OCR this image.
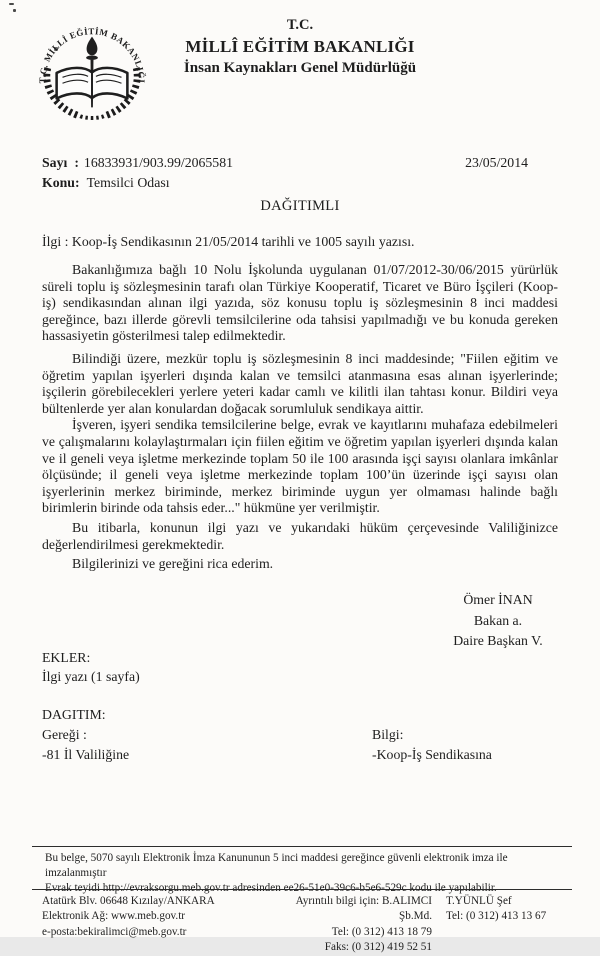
T.C. MİLLİ EĞİTİM BAKANLIĞI
T.C.
MİLLÎ EĞİTİM BAKANLIĞI
İnsan Kaynakları Genel Müdürlüğü
Sayı : 16833931/903.99/2065581	23/05/2014
Konu: Temsilci Odası
DAĞITIMLI
İlgi : Koop-İş Sendikasının 21/05/2014 tarihli ve 1005 sayılı yazısı.

Bakanlığımıza bağlı 10 Nolu İşkolunda uygulanan 01/07/2012-30/06/2015 yürürlük süreli toplu iş sözleşmesinin tarafı olan Türkiye Kooperatif, Ticaret ve Büro İşçileri (Koop-iş) sendikasından alınan ilgi yazıda, söz konusu toplu iş sözleşmesinin 8 inci maddesi gereğince, bazı illerde görevli temsilcilerine oda tahsisi yapılmadığı ve bu konuda gereken hassasiyetin gösterilmesi talep edilmektedir.

Bilindiği üzere, mezkür toplu iş sözleşmesinin 8 inci maddesinde; "Fiilen eğitim ve öğretim yapılan işyerleri dışında kalan ve temsilci atanmasına esas alınan işyerlerinde; işçilerin görebilecekleri yerlere yeteri kadar camlı ve kilitli ilan tahtası konur. Bildiri veya bültenlerde yer alan konulardan doğacak sorumluluk sendikaya aittir.

İşveren, işyeri sendika temsilcilerine belge, evrak ve kayıtlarını muhafaza edebilmeleri ve çalışmalarını kolaylaştırmaları için fiilen eğitim ve öğretim yapılan işyerleri dışında kalan ve il geneli veya işletme merkezinde toplam 50 ile 100 arasında işçi sayısı olanlara imkânlar ölçüsünde; il geneli veya işletme merkezinde toplam 100’ün üzerinde işçi sayısı olan işyerlerinin merkez biriminde, merkez biriminde uygun yer olmaması halinde bağlı birimlerin birinde oda tahsis eder..." hükmüne yer verilmiştir.

Bu itibarla, konunun ilgi yazı ve yukarıdaki hüküm çerçevesinde Valiliğinizce değerlendirilmesi gerekmektedir.

Bilgilerinizi ve gereğini rica ederim.

Ömer İNAN
Bakan a.
Daire Başkan V.
EKLER:
İlgi yazı (1 sayfa)
DAGITIM:
Gereği :
-81 İl Valiliğine
Bilgi:
-Koop-İş Sendikasına
Bu belge, 5070 sayılı Elektronik İmza Kanununun 5 inci maddesi gereğince güvenli elektronik imza ile imzalanmıştır
Evrak teyidi http://evraksorgu.meb.gov.tr adresinden ee26-51e0-39c6-b5e6-529c kodu ile yapılabilir.
Atatürk Blv. 06648 Kızılay/ANKARA
Elektronik Ağ: www.meb.gov.tr
e-posta:bekiralimci@meb.gov.tr
Ayrıntılı bilgi için: B.ALIMCI Şb.Md.
Tel: (0 312) 413 18 79
Faks: (0 312) 419 52 51
T.YÜNLÜ Şef
Tel: (0 312) 413 13 67
